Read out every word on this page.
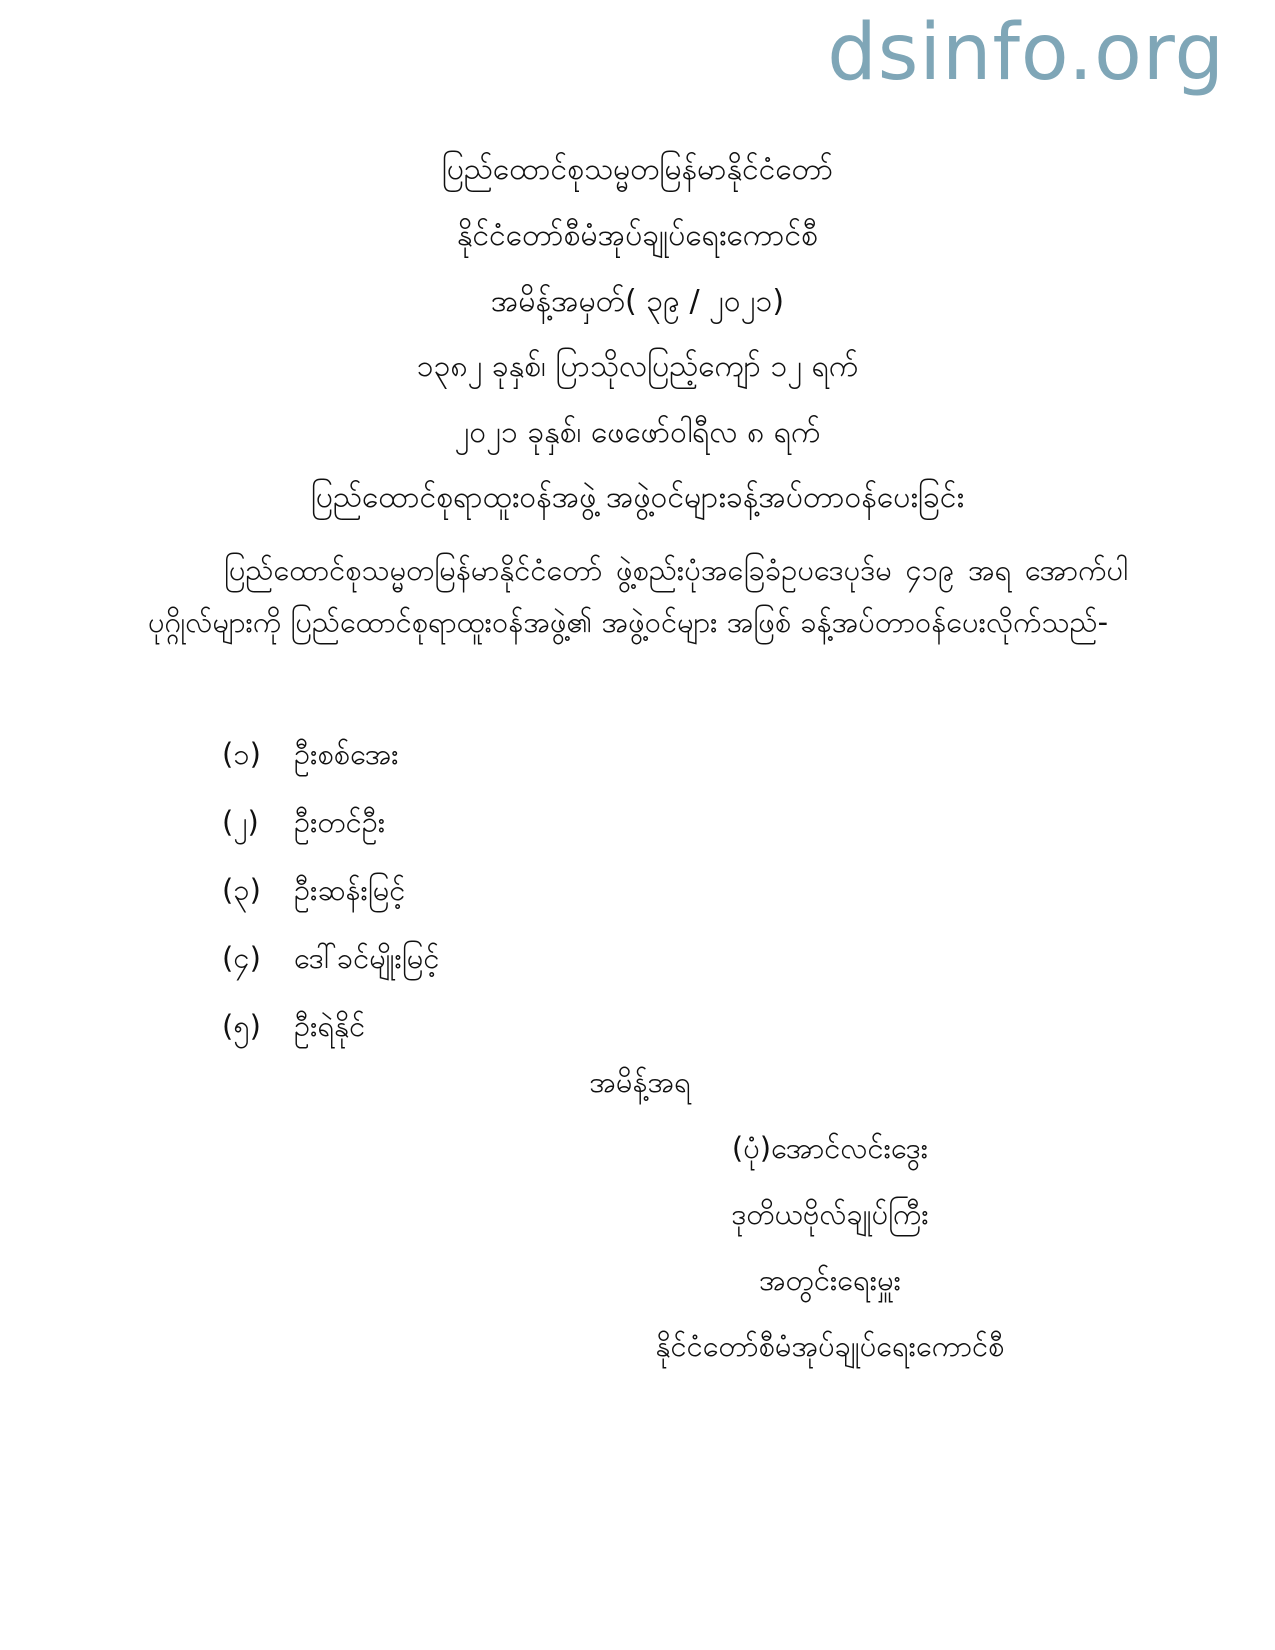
dsinfo.org
ပြည်ထောင်စုသမ္မတမြန်မာနိုင်ငံတော်
နိုင်ငံတော်စီမံအုပ်ချုပ်ရေးကောင်စီ
အမိန့်အမှတ်( ၃၉ / ၂၀၂၁)
၁၃၈၂ ခုနှစ်၊ ပြာသိုလပြည့်ကျော် ၁၂ ရက်
၂၀၂၁ ခုနှစ်၊ ဖေဖော်ဝါရီလ ၈ ရက်
ပြည်ထောင်စုရာထူးဝန်အဖွဲ့ အဖွဲ့ဝင်များခန့်အပ်တာဝန်ပေးခြင်း
ပြည်ထောင်စုသမ္မတမြန်မာနိုင်ငံတော် ဖွဲ့စည်းပုံအခြေခံဥပဒေပုဒ်မ ၄၁၉ အရ အောက်ပါ ပုဂ္ဂိုလ်များကို ပြည်ထောင်စုရာထူးဝန်အဖွဲ့၏ အဖွဲ့ဝင်များ အဖြစ် ခန့်အပ်တာဝန်ပေးလိုက်သည်-
(၁) ဦးစစ်အေး
(၂) ဦးတင်ဦး
(၃) ဦးဆန်းမြင့်
(၄) ဒေါ်ခင်မျိုးမြင့်
(၅) ဦးရဲနိုင်
အမိန့်အရ
(ပုံ)အောင်လင်းဒွေး
ဒုတိယဗိုလ်ချုပ်ကြီး
အတွင်းရေးမှူး
နိုင်ငံတော်စီမံအုပ်ချုပ်ရေးကောင်စီ
